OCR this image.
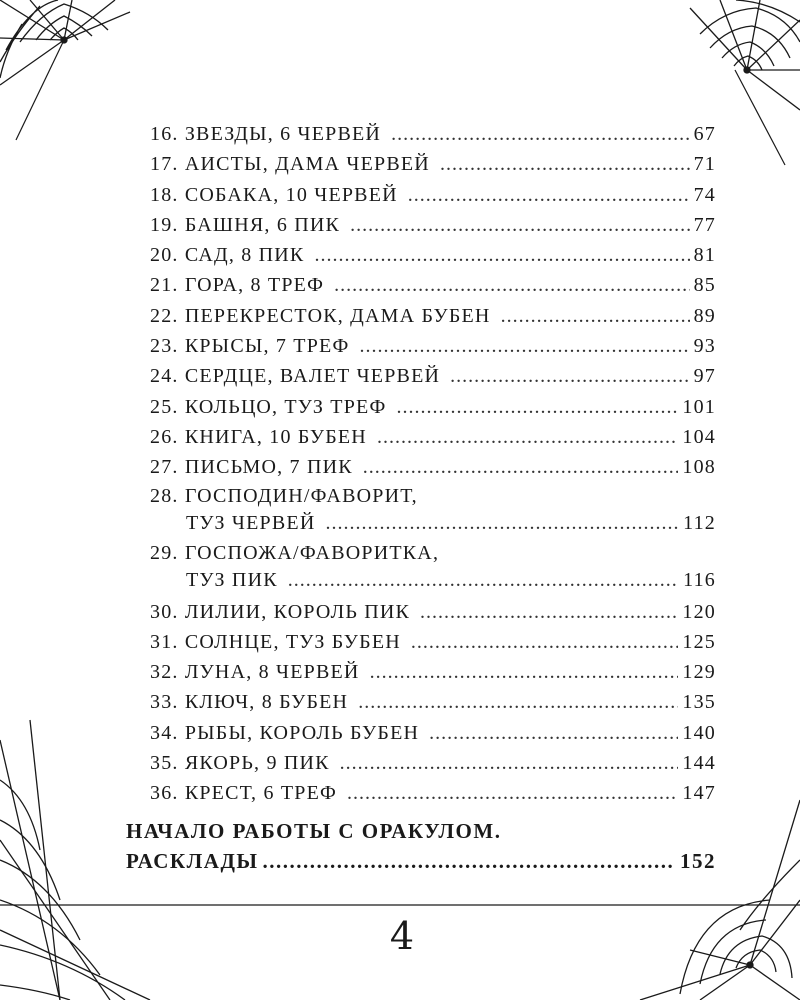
16. ЗВЕЗДЫ, 6 ЧЕРВЕЙ .....	67
17. АИСТЫ, ДАМА ЧЕРВЕЙ .....	71
18. СОБАКА, 10 ЧЕРВЕЙ .....	74
19. БАШНЯ, 6 ПИК .....	77
20. САД, 8 ПИК .....	81
21. ГОРА, 8 ТРЕФ .....	85
22. ПЕРЕКРЕСТОК, ДАМА БУБЕН .....	89
23. КРЫСЫ, 7 ТРЕФ .....	93
24. СЕРДЦЕ, ВАЛЕТ ЧЕРВЕЙ .....	97
25. КОЛЬЦО, ТУЗ ТРЕФ .....	101
26. КНИГА, 10 БУБЕН .....	104
27. ПИСЬМО, 7 ПИК .....	108
28. ГОСПОДИН/ФАВОРИТ,
ТУЗ ЧЕРВЕЙ .....	112
29. ГОСПОЖА/ФАВОРИТКА,
ТУЗ ПИК .....	116
30. ЛИЛИИ, КОРОЛЬ ПИК .....	120
31. СОЛНЦЕ, ТУЗ БУБЕН .....	125
32. ЛУНА, 8 ЧЕРВЕЙ .....	129
33. КЛЮЧ, 8 БУБЕН .....	135
34. РЫБЫ, КОРОЛЬ БУБЕН .....	140
35. ЯКОРЬ, 9 ПИК .....	144
36. КРЕСТ, 6 ТРЕФ .....	147
НАЧАЛО РАБОТЫ С ОРАКУЛОМ.
РАСКЛАДЫ .....	152
4
